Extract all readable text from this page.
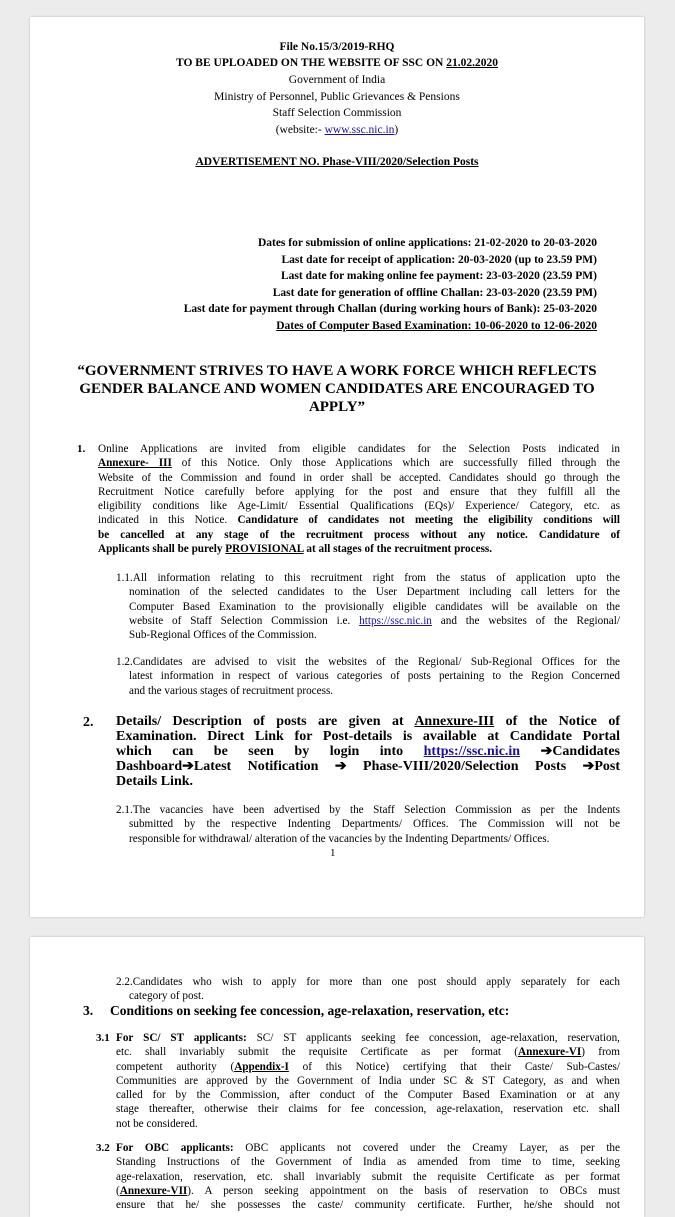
File No.15/3/2019-RHQ
TO BE UPLOADED ON THE WEBSITE OF SSC ON 21.02.2020
Government of India
Ministry of Personnel, Public Grievances & Pensions
Staff Selection Commission
(website:- www.ssc.nic.in)
ADVERTISEMENT NO. Phase-VIII/2020/Selection Posts
Dates for submission of online applications: 21-02-2020 to 20-03-2020
Last date for receipt of application: 20-03-2020 (up to 23.59 PM)
Last date for making online fee payment: 23-03-2020 (23.59 PM)
Last date for generation of offline Challan: 23-03-2020 (23.59 PM)
Last date for payment through Challan (during working hours of Bank): 25-03-2020
Dates of Computer Based Examination: 10-06-2020 to 12-06-2020
“GOVERNMENT STRIVES TO HAVE A WORK FORCE WHICH REFLECTS
GENDER BALANCE AND WOMEN CANDIDATES ARE ENCOURAGED TO
APPLY”
1. Online Applications are invited from eligible candidates for the Selection Posts indicated in
Annexure- III of this Notice. Only those Applications which are successfully filled through the
Website of the Commission and found in order shall be accepted. Candidates should go through the
Recruitment Notice carefully before applying for the post and ensure that they fulfill all the
eligibility conditions like Age-Limit/ Essential Qualifications (EQs)/ Experience/ Category, etc. as
indicated in this Notice. Candidature of candidates not meeting the eligibility conditions will
be cancelled at any stage of the recruitment process without any notice. Candidature of
Applicants shall be purely PROVISIONAL at all stages of the recruitment process.
1.1.All information relating to this recruitment right from the status of application upto the
nomination of the selected candidates to the User Department including call letters for the
Computer Based Examination to the provisionally eligible candidates will be available on the
website of Staff Selection Commission i.e. https://ssc.nic.in and the websites of the Regional/
Sub-Regional Offices of the Commission.
1.2.Candidates are advised to visit the websites of the Regional/ Sub-Regional Offices for the
latest information in respect of various categories of posts pertaining to the Region Concerned
and the various stages of recruitment process.
2. Details/ Description of posts are given at Annexure-III of the Notice of
Examination. Direct Link for Post-details is available at Candidate Portal
which can be seen by login into https://ssc.nic.in ➔Candidates
Dashboard➔Latest Notification ➔ Phase-VIII/2020/Selection Posts ➔Post
Details Link.
2.1.The vacancies have been advertised by the Staff Selection Commission as per the Indents
submitted by the respective Indenting Departments/ Offices. The Commission will not be
responsible for withdrawal/ alteration of the vacancies by the Indenting Departments/ Offices.
1
2.2.Candidates who wish to apply for more than one post should apply separately for each
category of post.
3. Conditions on seeking fee concession, age-relaxation, reservation, etc:
3.1 For SC/ ST applicants: SC/ ST applicants seeking fee concession, age-relaxation, reservation,
etc. shall invariably submit the requisite Certificate as per format (Annexure-VI) from
competent authority (Appendix-I of this Notice) certifying that their Caste/ Sub-Castes/
Communities are approved by the Government of India under SC & ST Category, as and when
called for by the Commission, after conduct of the Computer Based Examination or at any
stage thereafter, otherwise their claims for fee concession, age-relaxation, reservation etc. shall
not be considered.
3.2 For OBC applicants: OBC applicants not covered under the Creamy Layer, as per the
Standing Instructions of the Government of India as amended from time to time, seeking
age-relaxation, reservation, etc. shall invariably submit the requisite Certificate as per format
(Annexure-VII). A person seeking appointment on the basis of reservation to OBCs must
ensure that he/ she possesses the caste/ community certificate. Further, he/she should not
